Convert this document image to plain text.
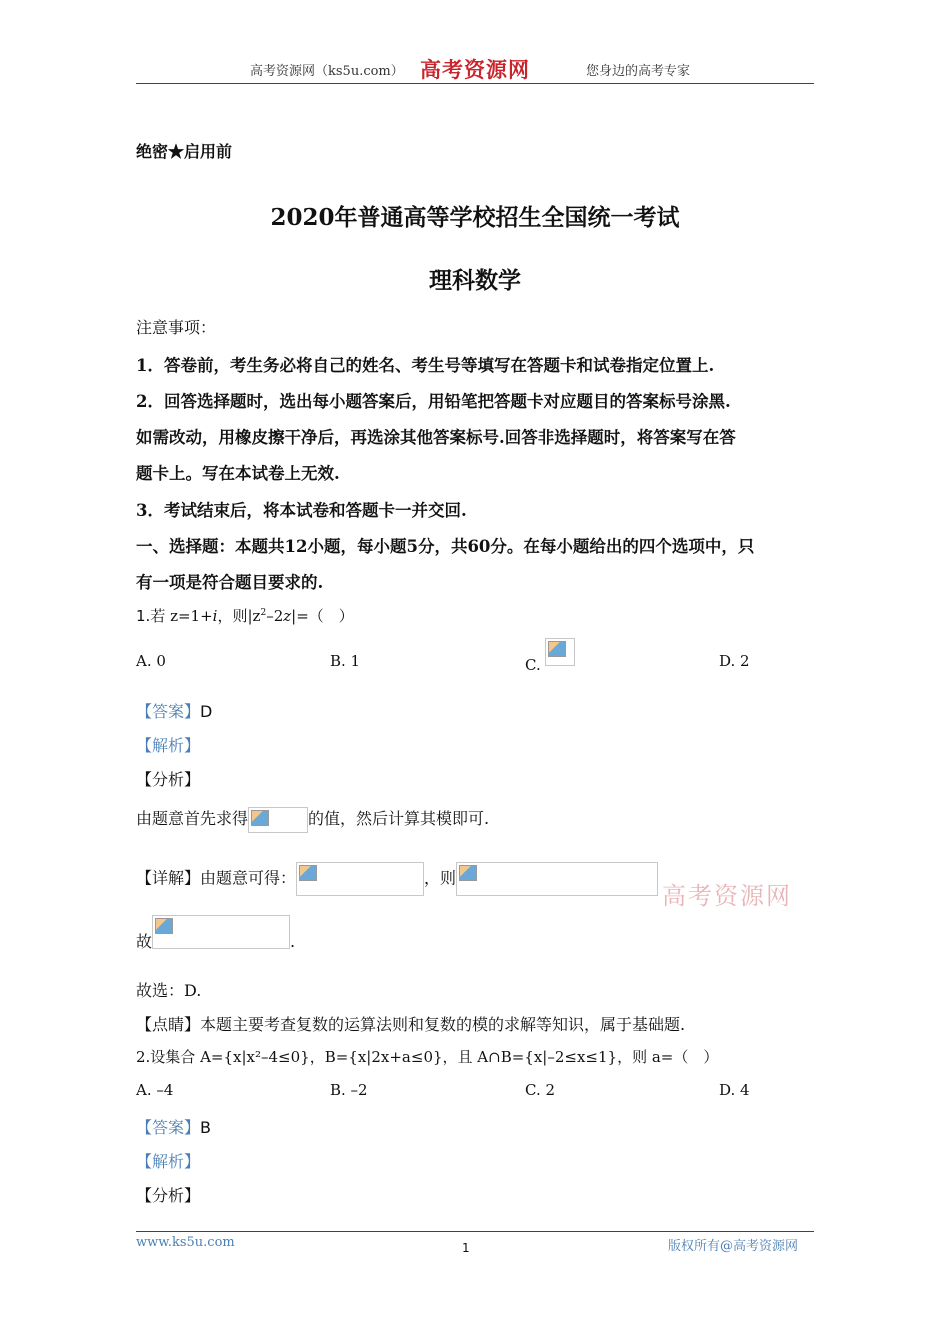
高考资源网（ks5u.com） 高考资源网	您身边的高考专家
绝密★启用前
2020年普通高等学校招生全国统一考试
理科数学
注意事项：
1．答卷前，考生务必将自己的姓名、考生号等填写在答题卡和试卷指定位置上.
2．回答选择题时，选出每小题答案后，用铅笔把答题卡对应题目的答案标号涂黑.
如需改动，用橡皮擦干净后，再选涂其他答案标号.回答非选择题时，将答案写在答
题卡上。写在本试卷上无效.
3．考试结束后，将本试卷和答题卡一并交回.
一、选择题：本题共12小题，每小题5分，共60分。在每小题给出的四个选项中，只
有一项是符合题目要求的.
1.若 z=1+i，则$|z^2-2z|=$（　）
A. 0	B. 1	C.	D. 2
【答案】D
【解析】
【分析】
由题意首先求得	的值，然后计算其模即可.
【详解】由题意可得：	，则
高考资源网
故	.
故选：D.
【点睛】本题主要考查复数的运算法则和复数的模的求解等知识，属于基础题.
2.设集合 A={x|x²–4≤0}，B={x|2x+a≤0}，且 A∩B={x|–2≤x≤1}，则 a=（　）
A. –4	B. –2	C. 2	D. 4
【答案】B
【解析】
【分析】
www.ks5u.com	1	版权所有@高考资源网
